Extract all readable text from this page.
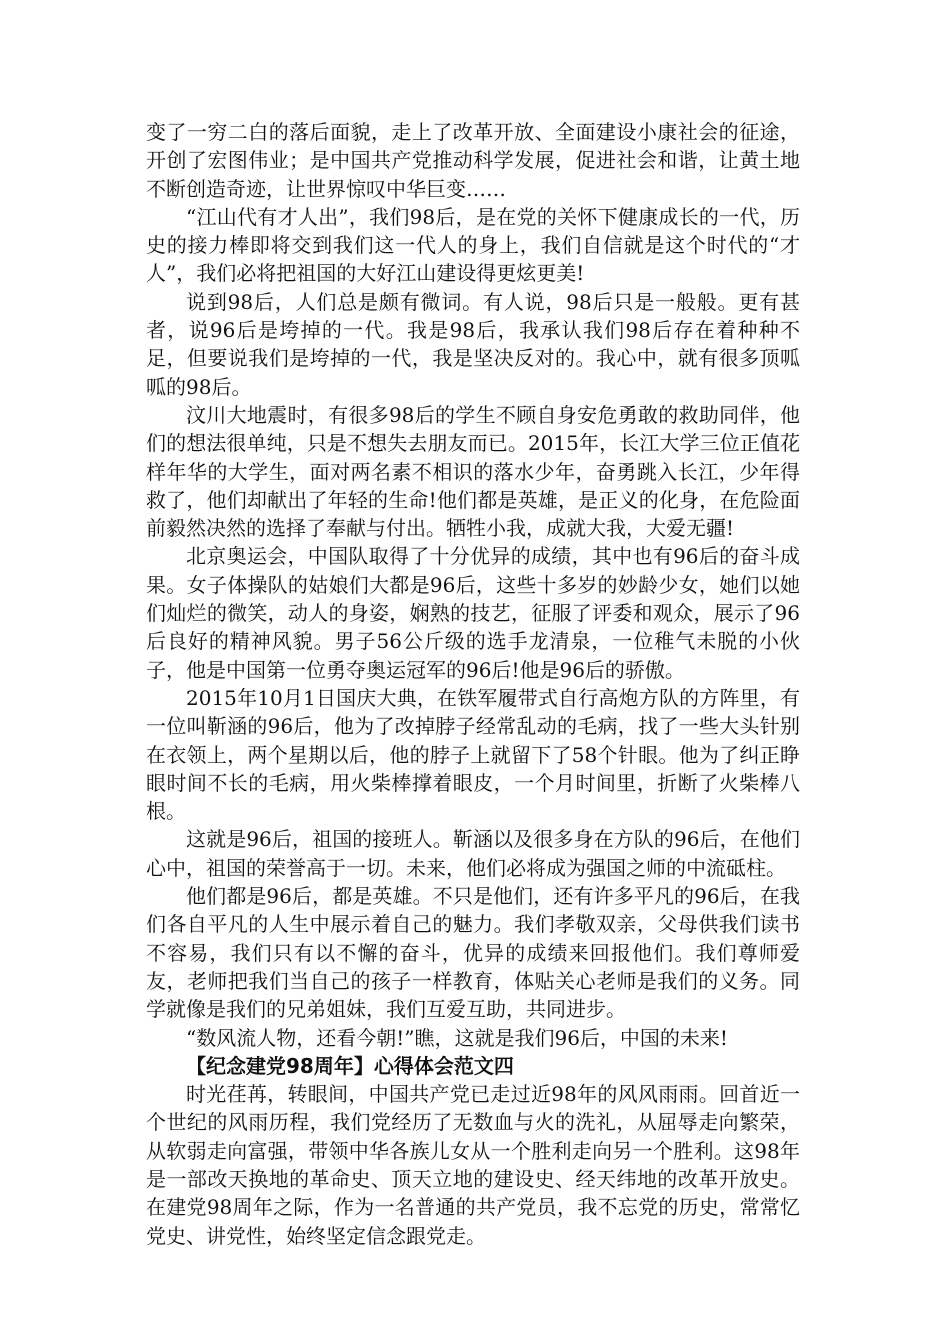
变了一穷二白的落后面貌，走上了改革开放、全面建设小康社会的征途，开创了宏图伟业；是中国共产党推动科学发展，促进社会和谐，让黄土地不断创造奇迹，让世界惊叹中华巨变……

“江山代有才人出”，我们98后，是在党的关怀下健康成长的一代，历史的接力棒即将交到我们这一代人的身上，我们自信就是这个时代的“才人”，我们必将把祖国的大好江山建设得更炫更美!

说到98后，人们总是颇有微词。有人说，98后只是一般般。更有甚者，说96后是垮掉的一代。我是98后，我承认我们98后存在着种种不足，但要说我们是垮掉的一代，我是坚决反对的。我心中，就有很多顶呱呱的98后。

汶川大地震时，有很多98后的学生不顾自身安危勇敢的救助同伴，他们的想法很单纯，只是不想失去朋友而已。2015年，长江大学三位正值花样年华的大学生，面对两名素不相识的落水少年，奋勇跳入长江，少年得救了，他们却献出了年轻的生命!他们都是英雄，是正义的化身，在危险面前毅然决然的选择了奉献与付出。牺牲小我，成就大我，大爱无疆!

北京奥运会，中国队取得了十分优异的成绩，其中也有96后的奋斗成果。女子体操队的姑娘们大都是96后，这些十多岁的妙龄少女，她们以她们灿烂的微笑，动人的身姿，娴熟的技艺，征服了评委和观众，展示了96后良好的精神风貌。男子56公斤级的选手龙清泉，一位稚气未脱的小伙子，他是中国第一位勇夺奥运冠军的96后!他是96后的骄傲。

2015年10月1日国庆大典，在铁军履带式自行高炮方队的方阵里，有一位叫靳涵的96后，他为了改掉脖子经常乱动的毛病，找了一些大头针别在衣领上，两个星期以后，他的脖子上就留下了58个针眼。他为了纠正睁眼时间不长的毛病，用火柴棒撑着眼皮，一个月时间里，折断了火柴棒八根。

这就是96后，祖国的接班人。靳涵以及很多身在方队的96后，在他们心中，祖国的荣誉高于一切。未来，他们必将成为强国之师的中流砥柱。

他们都是96后，都是英雄。不只是他们，还有许多平凡的96后，在我们各自平凡的人生中展示着自己的魅力。我们孝敬双亲，父母供我们读书不容易，我们只有以不懈的奋斗，优异的成绩来回报他们。我们尊师爱友，老师把我们当自己的孩子一样教育，体贴关心老师是我们的义务。同学就像是我们的兄弟姐妹，我们互爱互助，共同进步。

“数风流人物，还看今朝!”瞧，这就是我们96后，中国的未来!

【纪念建党98周年】心得体会范文四

时光荏苒，转眼间，中国共产党已走过近98年的风风雨雨。回首近一个世纪的风雨历程，我们党经历了无数血与火的洗礼，从屈辱走向繁荣，从软弱走向富强，带领中华各族儿女从一个胜利走向另一个胜利。这98年是一部改天换地的革命史、顶天立地的建设史、经天纬地的改革开放史。在建党98周年之际，作为一名普通的共产党员，我不忘党的历史，常常忆党史、讲党性，始终坚定信念跟党走。
